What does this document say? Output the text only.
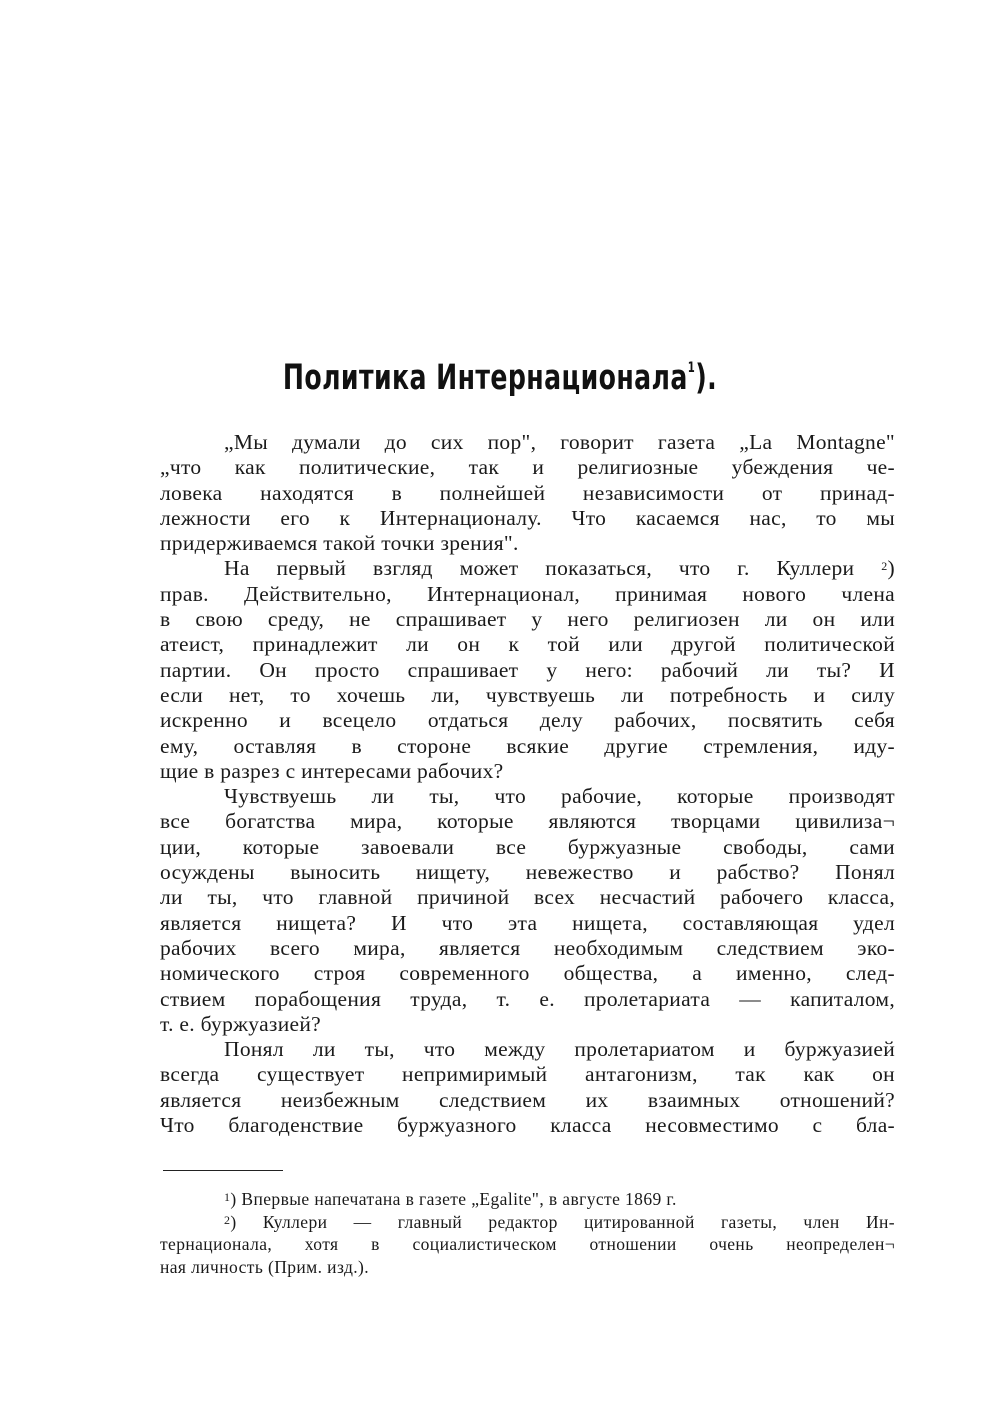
Политика Интернационала$^1$).
„Мы думали до сих пор", говорит газета „La Montagne"
„что как политические, так и религиозные убеждения че-
ловека находятся в полнейшей независимости от принад-
лежности его к Интернационалу. Что касаемся нас, то мы
придерживаемся такой точки зрения".
На первый взгляд может показаться, что г. Куллери $^2$)
прав. Действительно, Интернационал, принимая нового члена
в свою среду, не спрашивает у него религиозен ли он или
атеист, принадлежит ли он к той или другой политической
партии. Он просто спрашивает у него: рабочий ли ты? И
если нет, то хочешь ли, чувствуешь ли потребность и силу
искренно и всецело отдаться делу рабочих, посвятить себя
ему, оставляя в стороне всякие другие стремления, иду-
щие в разрез с интересами рабочих?
Чувствуешь ли ты, что рабочие, которые производят
все богатства мира, которые являются творцами цивилиза¬
ции, которые завоевали все буржуазные свободы, сами
осуждены выносить нищету, невежество и рабство? Понял
ли ты, что главной причиной всех несчастий рабочего класса,
является нищета? И что эта нищета, составляющая удел
рабочих всего мира, является необходимым следствием эко-
номического строя современного общества, а именно, след-
ствием порабощения труда, т. е. пролетариата — капиталом,
т. е. буржуазией?
Понял ли ты, что между пролетариатом и буржуазией
всегда существует непримиримый антагонизм, так как он
является неизбежным следствием их взаимных отношений?
Что благоденствие буржуазного класса несовместимо с бла-
$^1$) Впервые напечатана в газете „Egalite", в августе 1869 г.
$^2$) Куллери — главный редактор цитированной газеты, член Ин-
тернационала, хотя в социалистическом отношении очень неопределен¬
ная личность (Прим. изд.).
